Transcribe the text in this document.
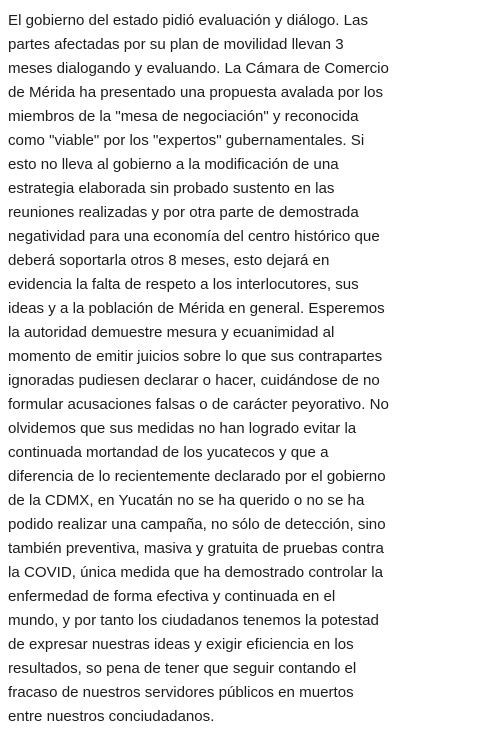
El gobierno del estado pidió evaluación y diálogo. Las
partes afectadas por su plan de movilidad llevan 3
meses dialogando y evaluando. La Cámara de Comercio
de Mérida ha presentado una propuesta avalada por los
miembros de la "mesa de negociación" y reconocida
como "viable" por los "expertos" gubernamentales. Si
esto no lleva al gobierno a la modificación de una
estrategia elaborada sin probado sustento en las
reuniones realizadas y por otra parte de demostrada
negatividad para una economía del centro histórico que
deberá soportarla otros 8 meses, esto dejará en
evidencia la falta de respeto a los interlocutores, sus
ideas y a la población de Mérida en general. Esperemos
la autoridad demuestre mesura y ecuanimidad al
momento de emitir juicios sobre lo que sus contrapartes
ignoradas pudiesen declarar o hacer, cuidándose de no
formular acusaciones falsas o de carácter peyorativo. No
olvidemos que sus medidas no han logrado evitar la
continuada mortandad de los yucatecos y que a
diferencia de lo recientemente declarado por el gobierno
de la CDMX, en Yucatán no se ha querido o no se ha
podido realizar una campaña, no sólo de detección, sino
también preventiva, masiva y gratuita de pruebas contra
la COVID, única medida que ha demostrado controlar la
enfermedad de forma efectiva y continuada en el
mundo, y por tanto los ciudadanos tenemos la potestad
de expresar nuestras ideas y exigir eficiencia en los
resultados, so pena de tener que seguir contando el
fracaso de nuestros servidores públicos en muertos
entre nuestros conciudadanos.
